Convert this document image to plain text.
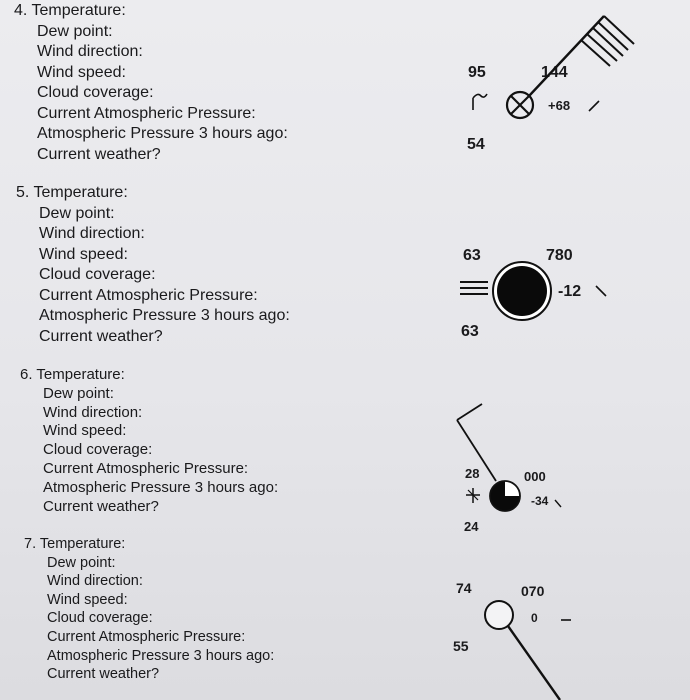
4. Temperature:
Dew point:
Wind direction:
Wind speed:
Cloud coverage:
Current Atmospheric Pressure:
Atmospheric Pressure 3 hours ago:
Current weather?
5. Temperature:
Dew point:
Wind direction:
Wind speed:
Cloud coverage:
Current Atmospheric Pressure:
Atmospheric Pressure 3 hours ago:
Current weather?
6. Temperature:
Dew point:
Wind direction:
Wind speed:
Cloud coverage:
Current Atmospheric Pressure:
Atmospheric Pressure 3 hours ago:
Current weather?
7. Temperature:
Dew point:
Wind direction:
Wind speed:
Cloud coverage:
Current Atmospheric Pressure:
Atmospheric Pressure 3 hours ago:
Current weather?
95
54
144
+68
63
63
780
-12
28
24
000
-34
74
55
070
0
